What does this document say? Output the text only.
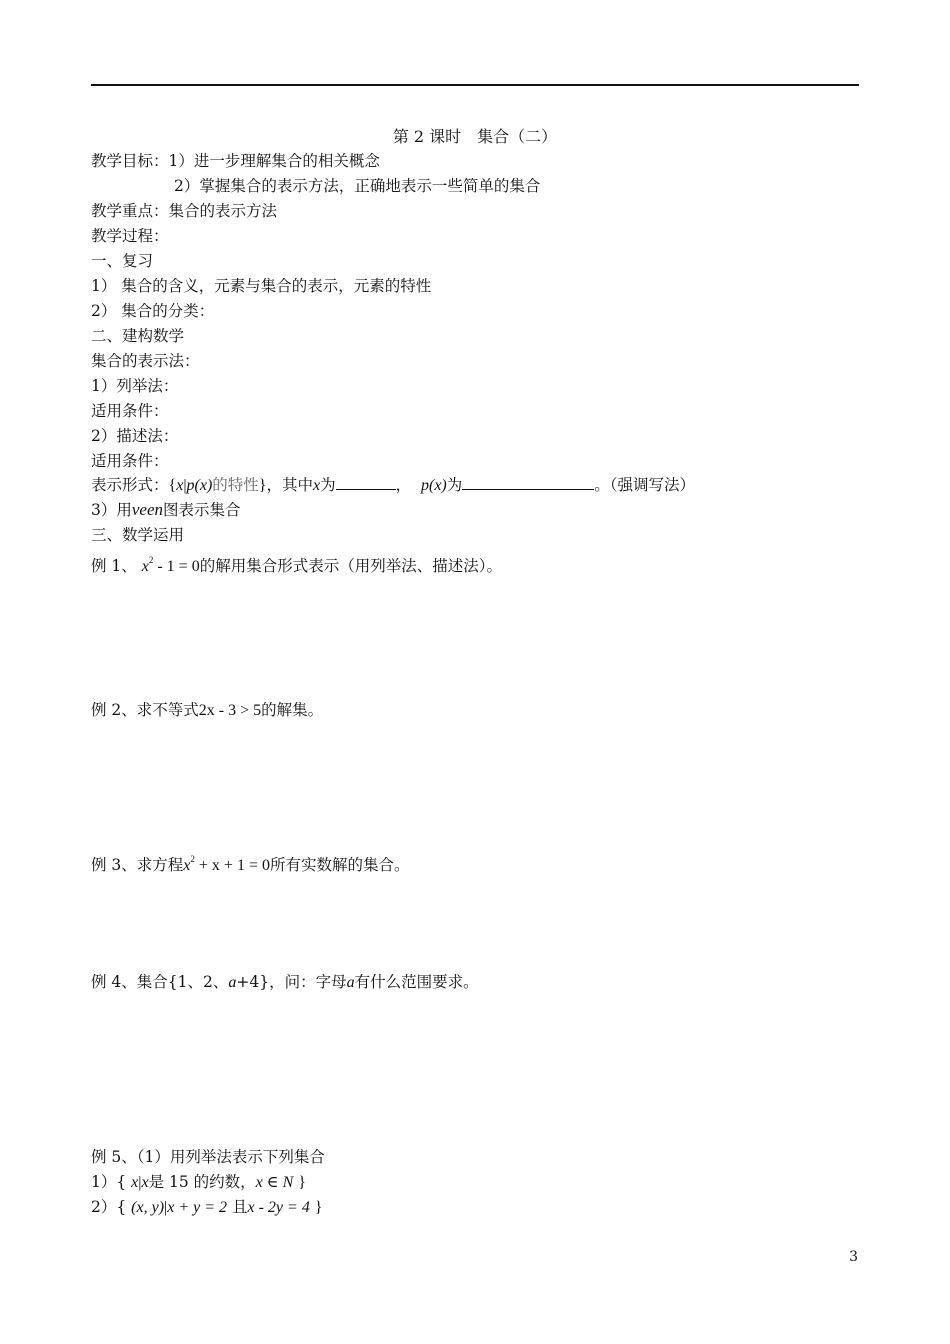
第 2 课时　集合（二）
教学目标：1）进一步理解集合的相关概念
2）掌握集合的表示方法，正确地表示一些简单的集合
教学重点：集合的表示方法
教学过程：
一、复习
1） 集合的含义，元素与集合的表示，元素的特性
2） 集合的分类：
二、建构数学
集合的表示法：
1）列举法：
适用条件：
2）描述法：
适用条件：
表示形式：{x|p(x)的特性}，其中x为	， p(x)为	。（强调写法）
3）用veen图表示集合
三、数学运用
例 1、 $x^2 - 1 = 0$的解用集合形式表示（用列举法、描述法）。
例 2、求不等式2x - 3 > 5的解集。
例 3、求方程$x^2 + x + 1 = 0$所有实数解的集合。
例 4、集合{1、2、a+4}，问：字母a有什么范围要求。
例 5、（1）用列举法表示下列集合
1）{ x|x是 15 的约数，x ∈ N }
2）{ (x, y)|x + y = 2 且x - 2y = 4 }
3
